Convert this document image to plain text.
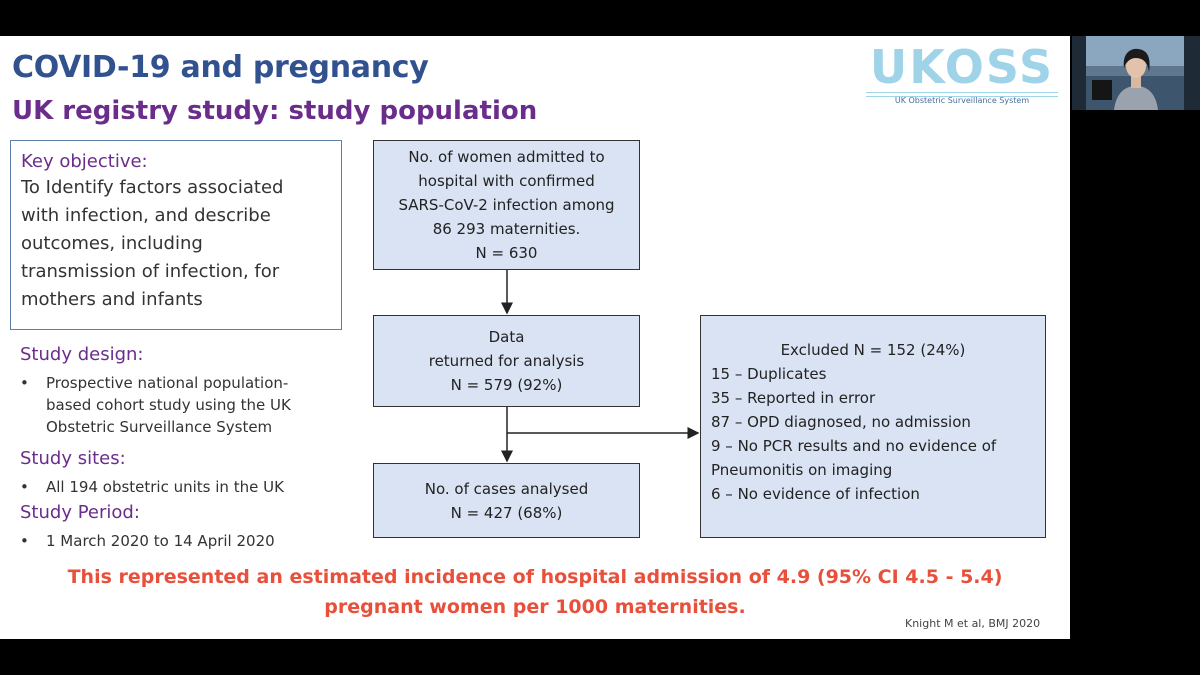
COVID-19 and pregnancy
UK registry study: study population
UKOSS
UK Obstetric Surveillance System
Key objective:
To Identify factors associated
with infection, and describe
outcomes, including
transmission of infection, for
mothers and infants
Study design:
• Prospective national population-
based cohort study using the UK
Obstetric Surveillance System
Study sites:
• All 194 obstetric units in the UK
Study Period:
• 1 March 2020 to 14 April 2020
No. of women admitted to
hospital with confirmed
SARS-CoV-2 infection among
86 293 maternities.
N = 630
Data
returned for analysis
N = 579 (92%)
No. of cases analysed
N = 427 (68%)
Excluded N = 152 (24%)
15 – Duplicates
35 – Reported in error
87 – OPD diagnosed, no admission
9 – No PCR results and no evidence of
Pneumonitis on imaging
6 – No evidence of infection
This represented an estimated incidence of hospital admission of 4.9 (95% CI 4.5 - 5.4)
pregnant women per 1000 maternities.
Knight M et al, BMJ 2020
